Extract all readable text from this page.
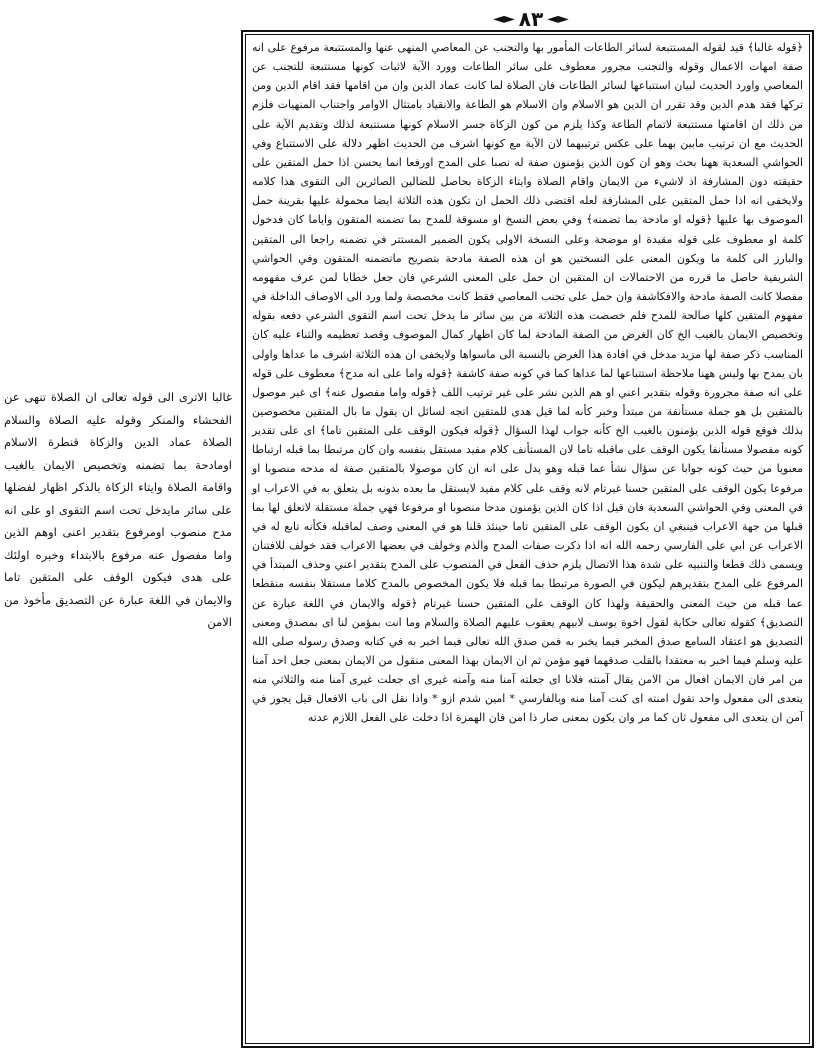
◄► ٨٣ ◄►

﴿قوله غالبا﴾ قيد لقوله المستتبعة لسائر الطاعات المأمور بها والتجنب عن المعاصي المنهى عنها والمستتبعة مرفوع على انه صفة امهات الاعمال وقوله والتجنب مجرور معطوف على سائر الطاعات وورد الآية لاثبات كونها مستتبعة للتجنب عن المعاصي واورد الحديث لبيان استتباعها لسائر الطاعات فان الصلاة لما كانت عماد الدين وان من اقامها فقد اقام الدين ومن تركها فقد هدم الدين وقد تقرر ان الدين هو الاسلام وان الاسلام هو الطاعة والانقياد بامتثال الاوامر واجتناب المنهيات فلزم من ذلك ان اقامتها مستتبعة لاتمام الطاعة وكذا يلزم من كون الزكاة جسر الاسلام كونها مستتبعة لذلك وتقديم الآية على الحديث مع ان ترتيب مابين بهما على عكس ترتيبهما لان الآية مع كونها اشرف من الحديث اظهر دلالة على الاستتباع وفي الحواشي السعدية ههنا بحث وهو ان كون الذين يؤمنون صفة له نصبا على المدح اورفعا انما يحسن اذا حمل المتقين على حقيقته دون المشارفة اذ لاشيء من الايمان واقام الصلاة وايتاء الزكاة بحاصل للضالين الصائرين الى التقوى هذا كلامه ولايخفى انه اذا حمل المتقين على المشارفة لعله اقتضى ذلك الحمل ان تكون هذه الثلاثة ايضا محمولة عليها بقرينة حمل الموصوف بها عليها ﴿قوله او مادحة بما تضمنه﴾ وفي بعض النسخ او مسوقة للمدح بما تضمنه المتقون واياما كان فدخول كلمة او معطوف على قوله مقيدة او موضحة وعلى النسخة الاولى يكون الضمير المستتر في تضمنه راجعا الى المتقين والبارز الى كلمة ما ويكون المعنى على النسختين هو ان هذه الصفة مادحة بتصريح ماتضمنه المتقون وفي الحواشي الشريفية حاصل ما قرره من الاحتمالات ان المتقين ان حمل على المعنى الشرعي فان جعل خطابا لمن عرف مفهومه مفصلا كانت الصفة مادحة والافكاشفة وان حمل على تجنب المعاصي فقط كانت مخصصة ولما ورد الى الاوصاف الداخلة في مفهوم المتقين كلها صالحة للمدح فلم خصصت هذه الثلاثة من بين سائر ما يدخل تحت اسم التقوى الشرعي دفعه بقوله وتخصيص الايمان بالغيب الخ كان الغرض من الصفة المادحة لما كان اظهار كمال الموصوف وقصد تعظيمه والثناء عليه كان المناسب ذكر صفة لها مزيد مدخل في افادة هذا الغرض بالنسبة الى ماسواها ولايخفى ان هذه الثلاثة اشرف ما عداها واولى بان يمدح بها وليس ههنا ملاحظة استتباعها لما عداها كما في كونه صفة كاشفة ﴿قوله واما على انه مدح﴾ معطوف على قوله على انه صفة مجرورة وقوله بتقدير اعني او هم الذين نشر على غير ترتيب اللف ﴿قوله واما مفصول عنه﴾ اى غير موصول بالمتقين بل هو جملة مستأنفة من مبتدأ وخبر كأنه لما قيل هدى للمتقين اتجه لسائل ان يقول ما بال المتقين مخصوصين بذلك فوقع قوله الذين يؤمنون بالغيب الخ كأنه جواب لهذا السؤال ﴿قوله فيكون الوقف على المتقين تاما﴾ اى على تقدير كونه مفصولا مستأنفا يكون الوقف على ماقبله تاما لان المستأنف كلام مفيد مستقل بنفسه وان كان مرتبطا بما قبله ارتباطا معنويا من حيث كونه جوابا عن سؤال نشأ عما قبله وهو يدل على انه ان كان موصولا بالمتقين صفة له مدحه منصوبا او مرفوعا يكون الوقف على المتقين حسنا غيرتام لانه وقف على كلام مفيد لايستقل ما بعده بدونه بل يتعلق به في الاعراب او في المعنى وفي الحواشي السعدية فان قيل اذا كان الذين يؤمنون مدحا منصوبا او مرفوعا فهي جملة مستقلة لاتعلق لها بما قبلها من جهة الاعراب فينبغي ان يكون الوقف على المتقين تاما حينئذ قلنا هو في المعنى وصف لماقبله فكأنه تابع له في الاعراب عن ابي على الفارسي رحمه الله انه اذا ذكرت صفات المدح والذم وخولف في بعضها الاعراب فقد خولف للافتنان ويسمى ذلك قطعا والتنبيه على شدة هذا الاتصال يلزم حذف الفعل في المنصوب على المدح بتقدير اعني وحذف المبتدأ في المرفوع على المدح بتقديرهم ليكون في الصورة مرتبطا بما قبله فلا يكون المخصوص بالمدح كلاما مستقلا بنفسه منقطعا عما قبله من حيث المعنى والحقيقة ولهذا كان الوقف على المتقين حسنا غيرتام ﴿قوله والايمان في اللغة عبارة عن التصديق﴾ كقوله تعالى حكاية لقول اخوة يوسف لابيهم يعقوب عليهم الصلاة والسلام وما انت بمؤمن لنا اى بمصدق ومعنى التصديق هو اعتقاد السامع صدق المخبر فيما يخبر به فمن صدق الله تعالى فيما اخبر به في كتابه وصدق رسوله صلى الله عليه وسلم فيما اخبر به معتقدا بالقلب صدقهما فهو مؤمن ثم ان الايمان بهذا المعنى منقول من الايمان بمعنى جعل احد آمنا من امر فان الايمان افعال من الامن يقال آمنته فلانا اى جعلته آمنا منه وآمنه غيرى اى جعلت غيرى آمنا منه والثلاثي منه يتعدى الى مفعول واحد تقول امنته اى كنت آمنا منه وبالفارسي * امين شدم ازو * واذا نقل الى باب الافعال قيل يجوز في آمن ان يتعدى الى مفعول ثان كما مر وان يكون بمعنى صار ذا امن فان الهمزة اذا دخلت على الفعل اللازم عدته

غالبا الاترى الى قوله تعالى ان الصلاة تنهى عن الفحشاء والمنكر وقوله عليه الصلاة والسلام الصلاة عماد الدين والزكاة قنطرة الاسلام اومادحة بما تضمنه وتخصيص الايمان بالغيب واقامة الصلاة وايتاء الزكاة بالذكر اظهار لفضلها على سائر مايدخل تحت اسم التقوى او على انه مدح منصوب اومرفوع بتقدير اعنى اوهم الذين واما مفصول عنه مرفوع بالابتداء وخبره اولئك على هدى فيكون الوقف على المتقين تاما والايمان في اللغة عبارة عن التصديق مأخوذ من الامن
